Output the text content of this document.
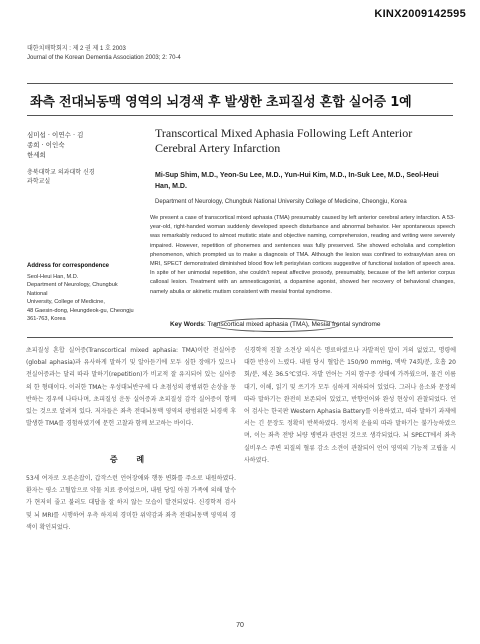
KINX2009142595
대한치매학회지 : 제 2 권 제 1 호 2003
Journal of the Korean Dementia Association 2003; 2: 70-4
좌측 전대뇌동맥 영역의 뇌경색 후 발생한 초피질성 혼합 실어증 1예
심미섭 · 이연수 · 김종희 · 이인숙
한세희
충북대학교 의과대학 신경과학교실
Transcortical Mixed Aphasia Following Left Anterior Cerebral Artery Infarction
Mi-Sup Shim, M.D., Yeon-Su Lee, M.D., Yun-Hui Kim, M.D., In-Suk Lee, M.D., Seol-Heui Han, M.D.
Department of Neurology, Chungbuk National University College of Medicine, Cheongju, Korea
We present a case of transcortical mixed aphasia (TMA) presumably caused by left anterior cerebral artery infarction. A 53-year-old, right-handed woman suddenly developed speech disturbance and abnormal behavior. Her spontaneous speech was remarkably reduced to almost mutistic state and objective naming, comprehension, reading and writing were severely impaired. However, repetition of phonemes and sentences was fully preserved. She showed echolalia and completion phenomenon, which prompted us to make a diagnosis of TMA. Although the lesion was confined to extrasylvian area on MRI, SPECT demonstrated diminished blood flow left perisylvian cortices suggestive of functional isolation of speech area. In spite of her unimodal repetition, she couldn't repeat affective prosody, presumably, because of the left anterior corpus callosal lesion. Treatment with an amnesticagonist, a dopamine agonist, showed her recovery of behavioral changes, namely abulia or akinetic mutism consistent with mesial frontal syndrome.
Address for correspondence
Seol-Heui Han, M.D.
Department of Neurology, Chungbuk National
University, College of Medicine,
48 Gaesin-dong, Heungdeok-gu, Cheongju
361-763, Korea
Key Words: Transcortical mixed aphasia (TMA), Mesial frontal syndrome
초피질성 혼합 실어증(Transcortical mixed aphasia: TMA)이란 전실어증(global aphasia)과 유사하게 말하기 및 알아듣기에 모두 심한 장애가 있으나 전실어증과는 달리 따라 말하기(repetition)가 비교적 잘 유지되어 있는 실어증의 한 형태이다. 이러한 TMA는 우성대뇌반구에 다 초점성의 광범위한 손상을 동반하는 경우에 나타나며, 초피질성 운동 실어증과 초피질성 감각 실어증이 함께 있는 것으로 알려져 있다. 저자들은 좌측 전대뇌동맥 영역의 광범위한 뇌경색 후 발생한 TMA를 경험하였기에 문헌 고찰과 함께 보고하는 바이다.
증 례
53세 여자로 오른손잡이, 갑작스런 언어장애와 행동 변화를 주소로 내원하였다. 환자는 평소 고혈압으로 약물 치료 중이었으며, 내원 당일 아침 가족에 의해 말수가 현저히 줄고 불러도 대답을 잘 하지 않는 모습이 발견되었다. 신경학적 검사 및 뇌 MRI를 시행하여 우측 하지의 경미한 위약감과 좌측 전대뇌동맥 영역의 경색이 확인되었다.
신경학적 진찰 소견상 의식은 명료하였으나 자발적인 말이 거의 없었고, 명령에 대한 반응이 느렸다. 내원 당시 혈압은 150/90 mmHg, 맥박 74회/분, 호흡 20회/분, 체온 36.5℃였다. 자발 언어는 거의 함구증 상태에 가까웠으며, 물건 이름 대기, 이해, 읽기 및 쓰기가 모두 심하게 저하되어 있었다. 그러나 음소와 문장의 따라 말하기는 완전히 보존되어 있었고, 반향언어와 완성 현상이 관찰되었다. 언어 검사는 한국판 Western Aphasia Battery를 이용하였고, 따라 말하기 과제에서는 긴 문장도 정확히 반복하였다. 정서적 운율의 따라 말하기는 불가능하였으며, 이는 좌측 전방 뇌량 병변과 관련된 것으로 생각되었다. 뇌 SPECT에서 좌측 실비우스 주변 피질의 혈류 감소 소견이 관찰되어 언어 영역의 기능적 고립을 시사하였다.
70
